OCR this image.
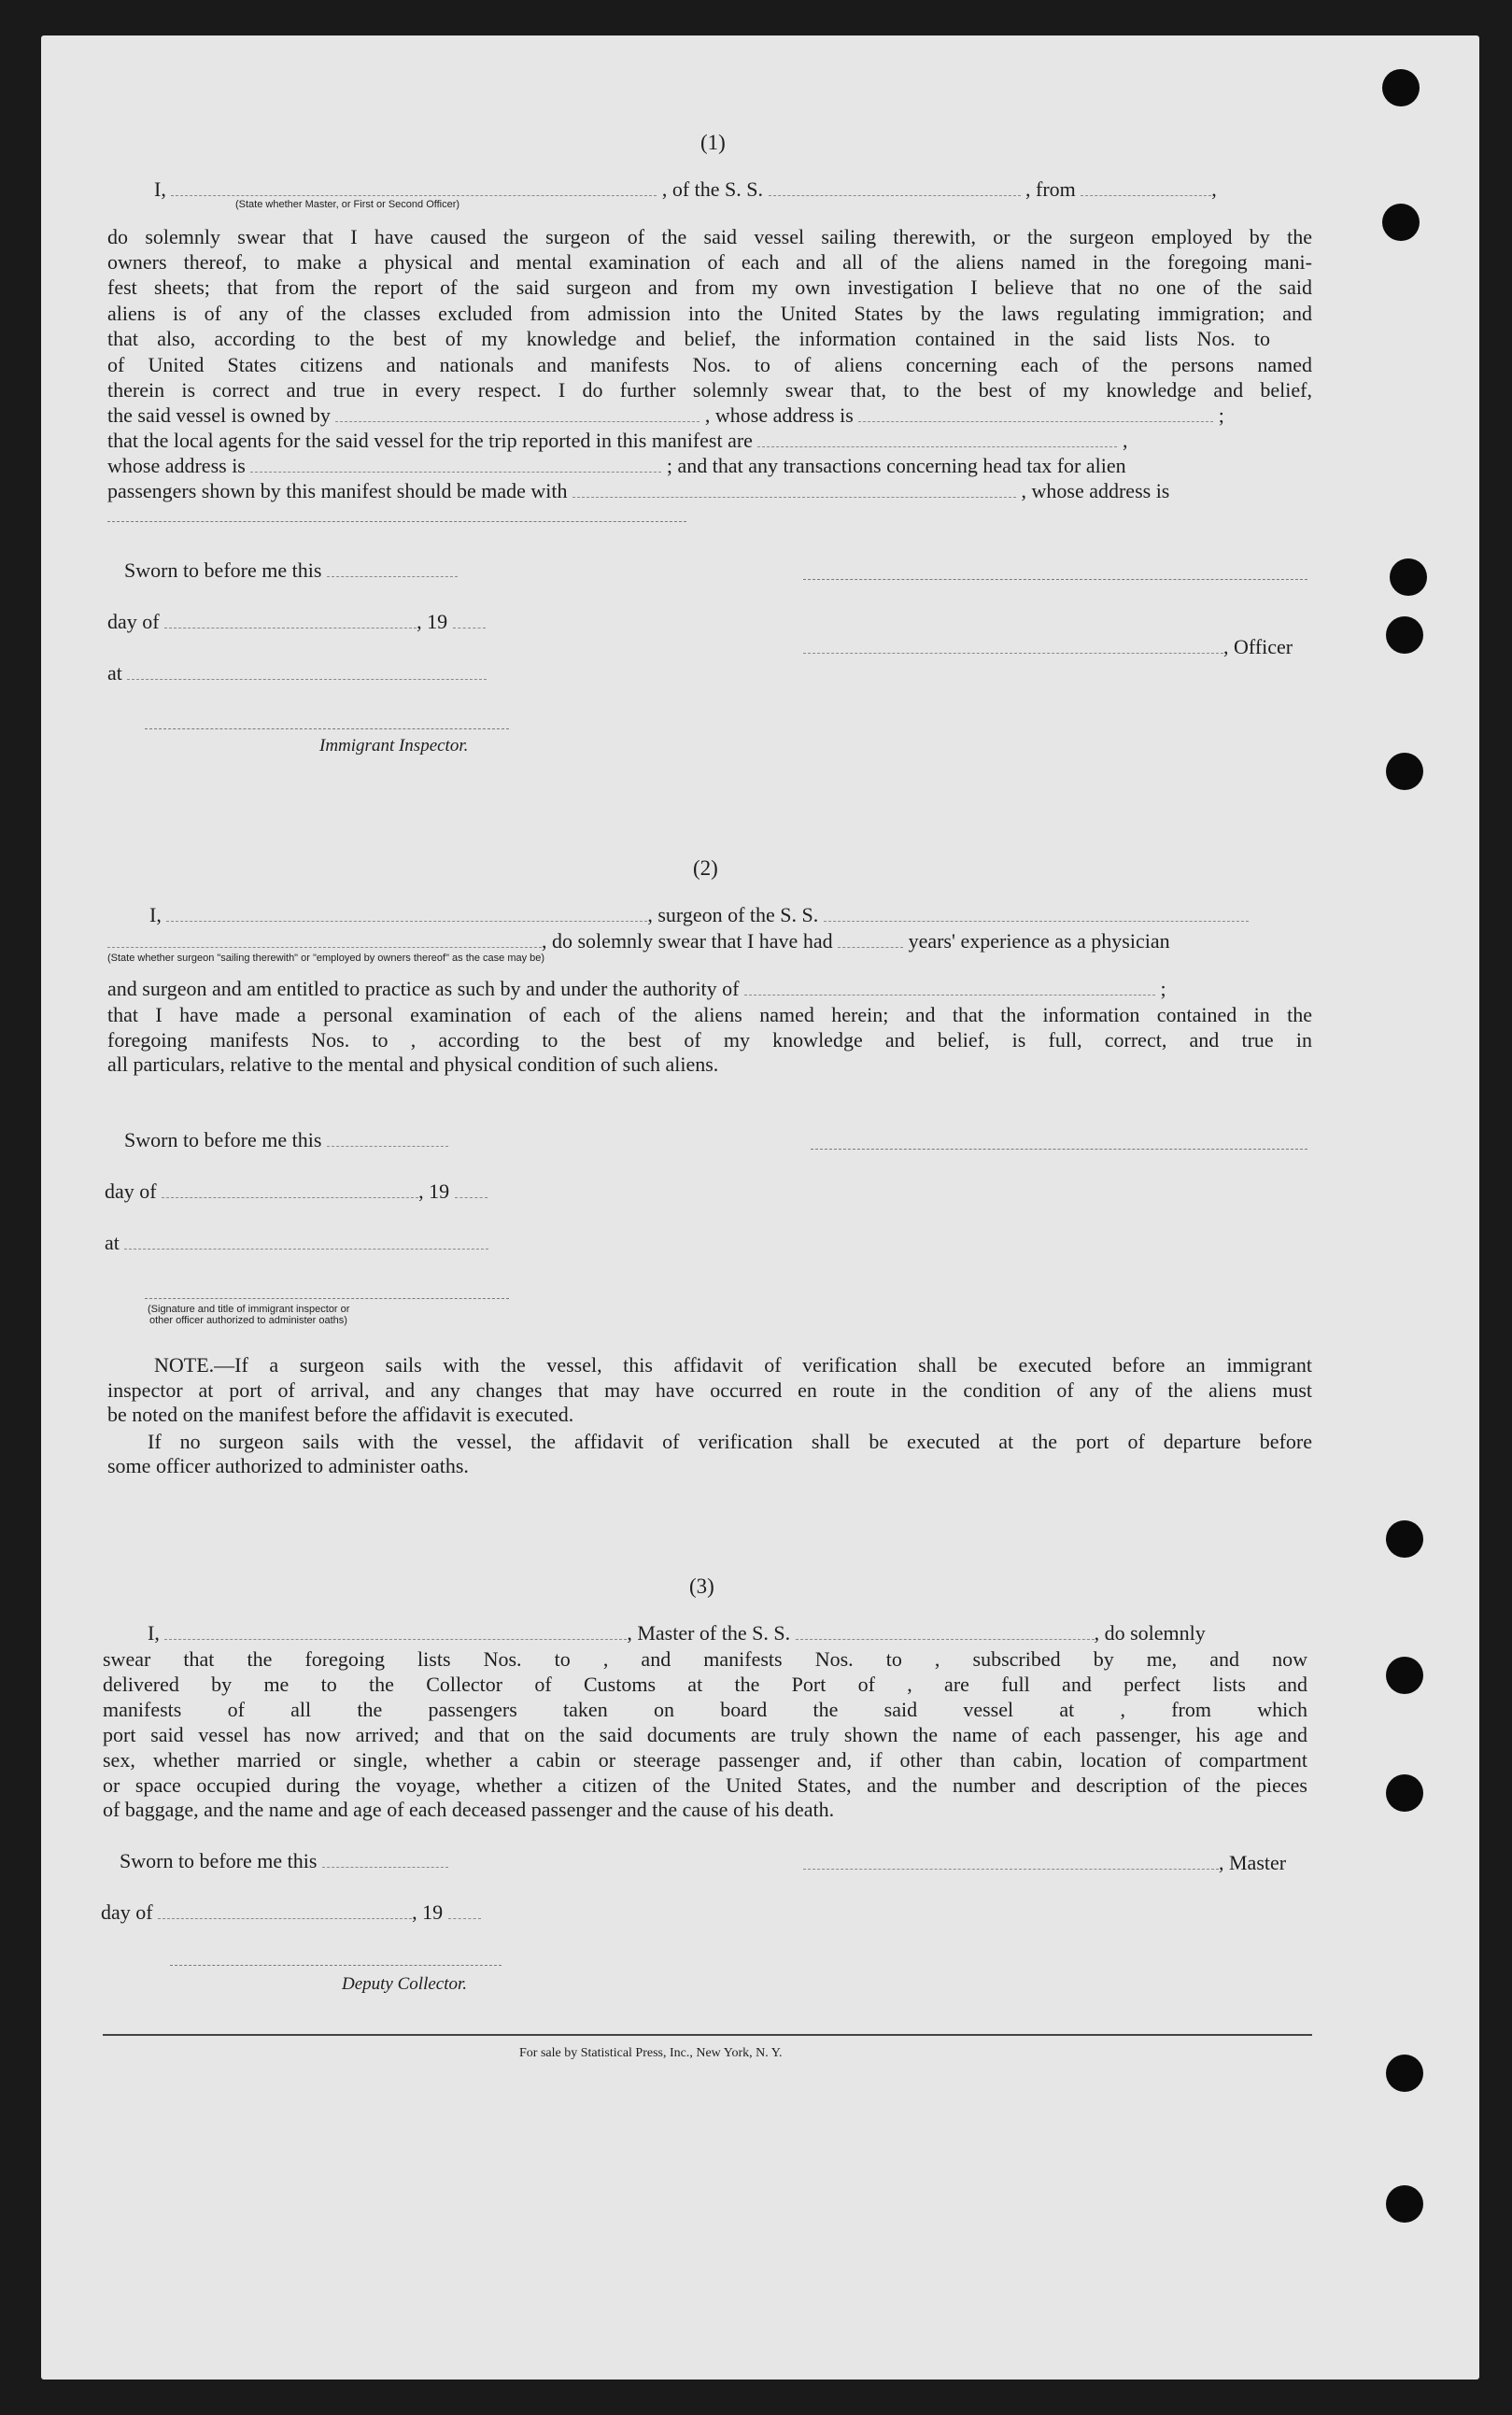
(1)
I,	, of the S. S.	, from	,
(State whether Master, or First or Second Officer)
do solemnly swear that I have caused the surgeon of the said vessel sailing therewith, or the surgeon employed by the
owners thereof, to make a physical and mental examination of each and all of the aliens named in the foregoing mani-
fest sheets; that from the report of the said surgeon and from my own investigation I believe that no one of the said
aliens is of any of the classes excluded from admission into the United States by the laws regulating immigration; and
that also, according to the best of my knowledge and belief, the information contained in the said lists Nos. to
of United States citizens and nationals and manifests Nos. to of aliens concerning each of the persons named
therein is correct and true in every respect. I do further solemnly swear that, to the best of my knowledge and belief,
the said vessel is owned by	, whose address is	;
that the local agents for the said vessel for the trip reported in this manifest are	,
whose address is	; and that any transactions concerning head tax for alien
passengers shown by this manifest should be made with	, whose address is
Sworn to before me this
day of	, 19
, Officer
at
Immigrant Inspector.
(2)
I,	, surgeon of the S. S.
, do solemnly swear that I have had	years' experience as a physician
(State whether surgeon "sailing therewith" or "employed by owners thereof" as the case may be)
and surgeon and am entitled to practice as such by and under the authority of	;
that I have made a personal examination of each of the aliens named herein; and that the information contained in the
foregoing manifests Nos. to , according to the best of my knowledge and belief, is full, correct, and true in
all particulars, relative to the mental and physical condition of such aliens.
Sworn to before me this
day of	, 19
at
(Signature and title of immigrant inspector or
other officer authorized to administer oaths)
NOTE.—If a surgeon sails with the vessel, this affidavit of verification shall be executed before an immigrant
inspector at port of arrival, and any changes that may have occurred en route in the condition of any of the aliens must
be noted on the manifest before the affidavit is executed.
If no surgeon sails with the vessel, the affidavit of verification shall be executed at the port of departure before
some officer authorized to administer oaths.
(3)
I,	, Master of the S. S.	, do solemnly
swear that the foregoing lists Nos. to , and manifests Nos. to , subscribed by me, and now
delivered by me to the Collector of Customs at the Port of , are full and perfect lists and
manifests of all the passengers taken on board the said vessel at , from which
port said vessel has now arrived; and that on the said documents are truly shown the name of each passenger, his age and
sex, whether married or single, whether a cabin or steerage passenger and, if other than cabin, location of compartment
or space occupied during the voyage, whether a citizen of the United States, and the number and description of the pieces
of baggage, and the name and age of each deceased passenger and the cause of his death.
Sworn to before me this	, Master
day of	, 19
Deputy Collector.
For sale by Statistical Press, Inc., New York, N. Y.
